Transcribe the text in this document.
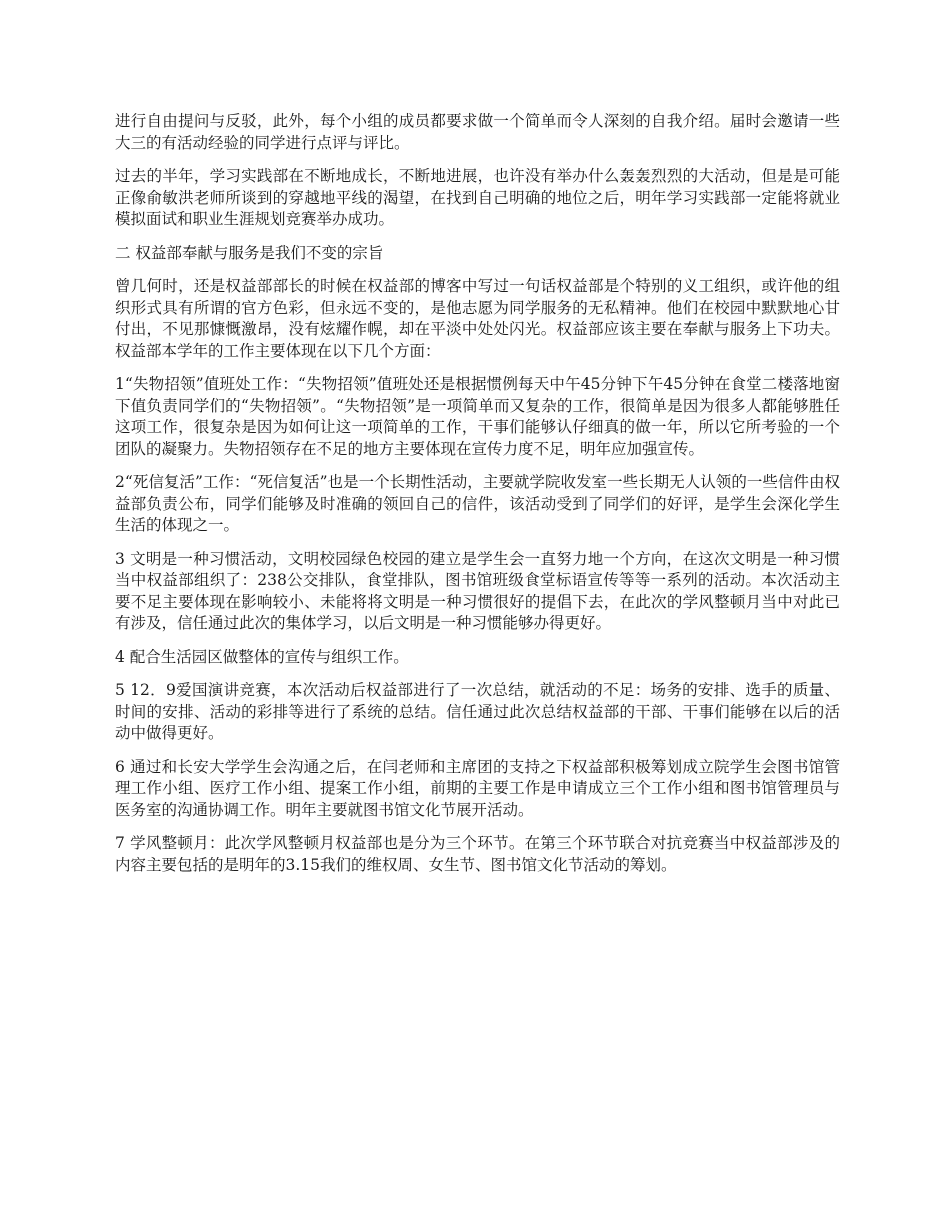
进行自由提问与反驳，此外，每个小组的成员都要求做一个简单而令人深刻的自我介绍。届时会邀请一些大三的有活动经验的同学进行点评与评比。

过去的半年，学习实践部在不断地成长，不断地进展，也许没有举办什么轰轰烈烈的大活动，但是是可能正像俞敏洪老师所谈到的穿越地平线的渴望，在找到自己明确的地位之后，明年学习实践部一定能将就业模拟面试和职业生涯规划竞赛举办成功。

二 权益部奉献与服务是我们不变的宗旨

曾几何时，还是权益部部长的时候在权益部的博客中写过一句话权益部是个特别的义工组织，或许他的组织形式具有所谓的官方色彩，但永远不变的，是他志愿为同学服务的无私精神。他们在校园中默默地心甘付出，不见那慷慨激昂，没有炫耀作幌，却在平淡中处处闪光。权益部应该主要在奉献与服务上下功夫。权益部本学年的工作主要体现在以下几个方面：

1“失物招领”值班处工作：“失物招领”值班处还是根据惯例每天中午45分钟下午45分钟在食堂二楼落地窗下值负责同学们的“失物招领”。“失物招领”是一项简单而又复杂的工作，很简单是因为很多人都能够胜任这项工作，很复杂是因为如何让这一项简单的工作，干事们能够认仔细真的做一年，所以它所考验的一个团队的凝聚力。失物招领存在不足的地方主要体现在宣传力度不足，明年应加强宣传。

2“死信复活”工作：“死信复活”也是一个长期性活动，主要就学院收发室一些长期无人认领的一些信件由权益部负责公布，同学们能够及时准确的领回自己的信件，该活动受到了同学们的好评，是学生会深化学生生活的体现之一。

3 文明是一种习惯活动，文明校园绿色校园的建立是学生会一直努力地一个方向，在这次文明是一种习惯当中权益部组织了：238公交排队，食堂排队，图书馆班级食堂标语宣传等等一系列的活动。本次活动主要不足主要体现在影响较小、未能将将文明是一种习惯很好的提倡下去，在此次的学风整顿月当中对此已有涉及，信任通过此次的集体学习，以后文明是一种习惯能够办得更好。

4 配合生活园区做整体的宣传与组织工作。

5 12．9爱国演讲竞赛，本次活动后权益部进行了一次总结，就活动的不足：场务的安排、选手的质量、时间的安排、活动的彩排等进行了系统的总结。信任通过此次总结权益部的干部、干事们能够在以后的活动中做得更好。

6 通过和长安大学学生会沟通之后，在闫老师和主席团的支持之下权益部积极筹划成立院学生会图书馆管理工作小组、医疗工作小组、提案工作小组，前期的主要工作是申请成立三个工作小组和图书馆管理员与医务室的沟通协调工作。明年主要就图书馆文化节展开活动。

7 学风整顿月：此次学风整顿月权益部也是分为三个环节。在第三个环节联合对抗竞赛当中权益部涉及的内容主要包括的是明年的3.15我们的维权周、女生节、图书馆文化节活动的筹划。
